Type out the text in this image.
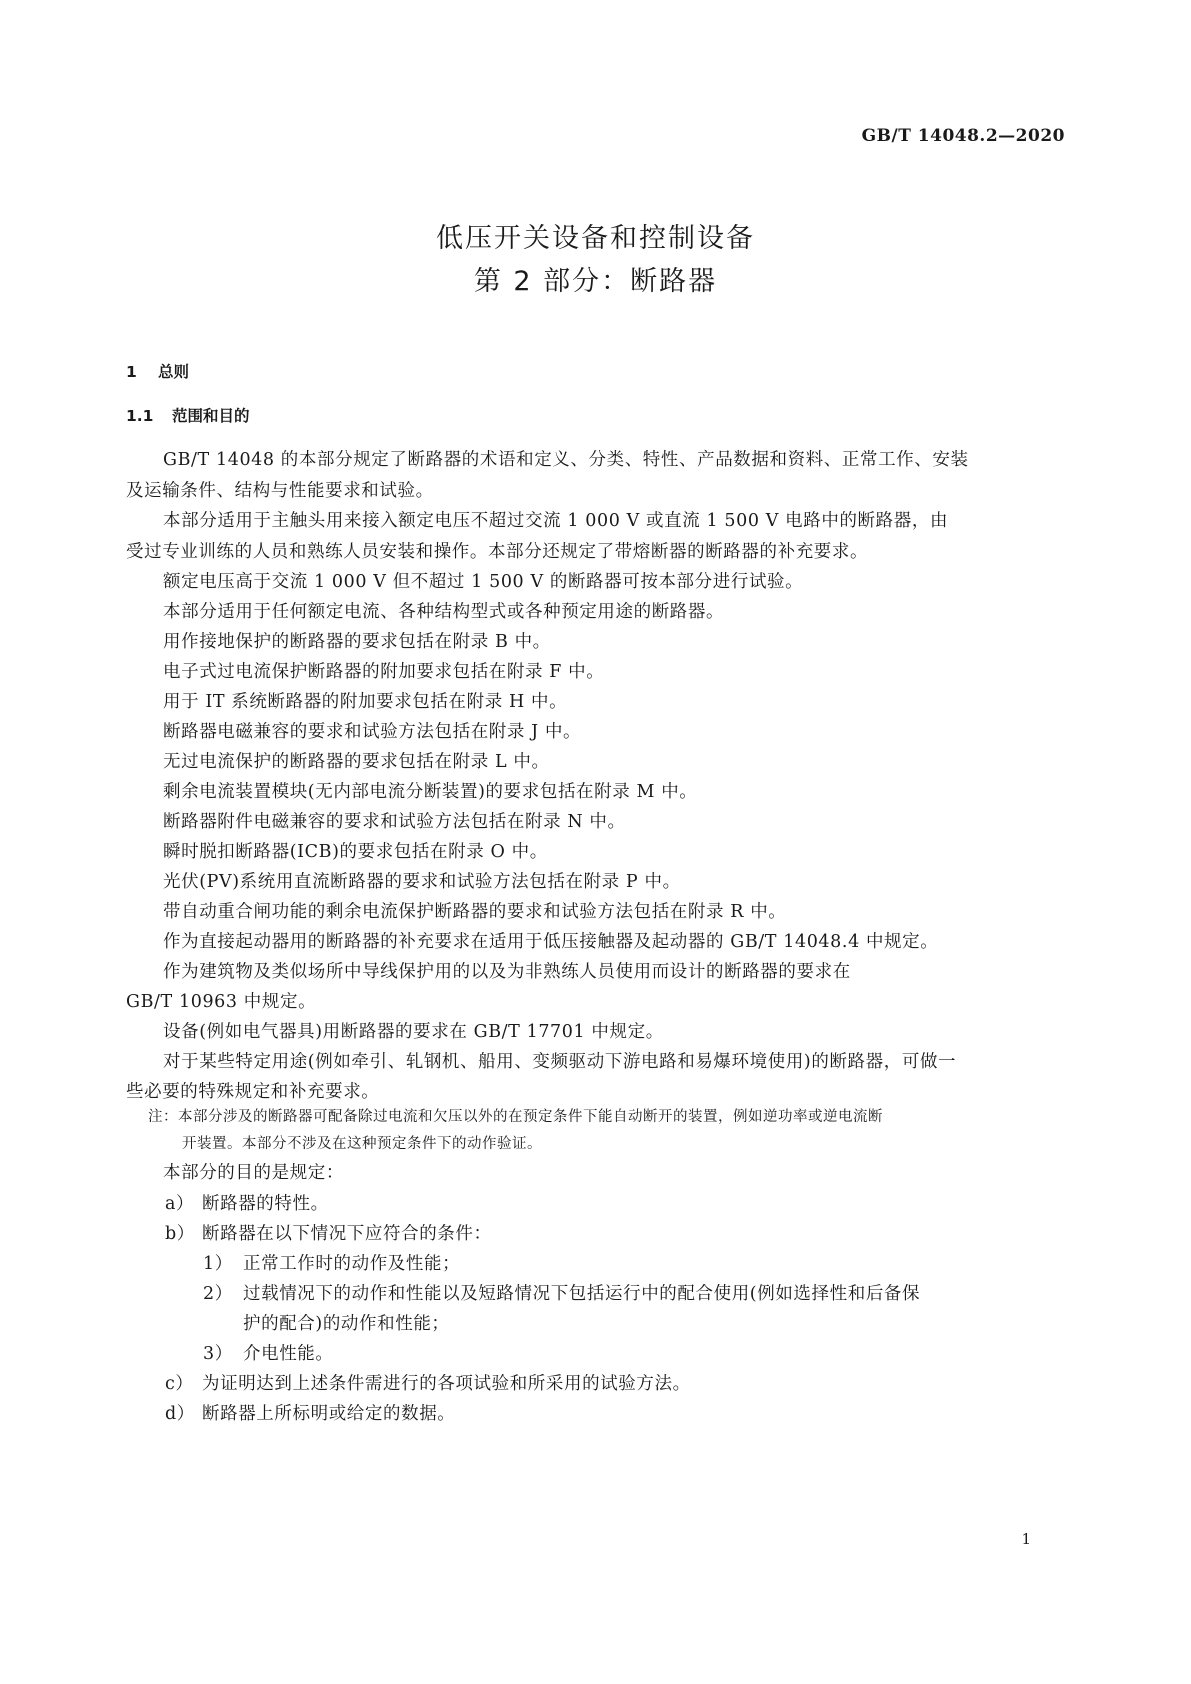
GB/T 14048.2—2020
低压开关设备和控制设备
第 2 部分：断路器
1 总则
1.1 范围和目的
GB/T 14048 的本部分规定了断路器的术语和定义、分类、特性、产品数据和资料、正常工作、安装
及运输条件、结构与性能要求和试验。
本部分适用于主触头用来接入额定电压不超过交流 1 000 V 或直流 1 500 V 电路中的断路器，由
受过专业训练的人员和熟练人员安装和操作。本部分还规定了带熔断器的断路器的补充要求。
额定电压高于交流 1 000 V 但不超过 1 500 V 的断路器可按本部分进行试验。
本部分适用于任何额定电流、各种结构型式或各种预定用途的断路器。
用作接地保护的断路器的要求包括在附录 B 中。
电子式过电流保护断路器的附加要求包括在附录 F 中。
用于 IT 系统断路器的附加要求包括在附录 H 中。
断路器电磁兼容的要求和试验方法包括在附录 J 中。
无过电流保护的断路器的要求包括在附录 L 中。
剩余电流装置模块(无内部电流分断装置)的要求包括在附录 M 中。
断路器附件电磁兼容的要求和试验方法包括在附录 N 中。
瞬时脱扣断路器(ICB)的要求包括在附录 O 中。
光伏(PV)系统用直流断路器的要求和试验方法包括在附录 P 中。
带自动重合闸功能的剩余电流保护断路器的要求和试验方法包括在附录 R 中。
作为直接起动器用的断路器的补充要求在适用于低压接触器及起动器的 GB/T 14048.4 中规定。
作为建筑物及类似场所中导线保护用的以及为非熟练人员使用而设计的断路器的要求在
GB/T 10963 中规定。
设备(例如电气器具)用断路器的要求在 GB/T 17701 中规定。
对于某些特定用途(例如牵引、轧钢机、船用、变频驱动下游电路和易爆环境使用)的断路器，可做一
些必要的特殊规定和补充要求。
注：本部分涉及的断路器可配备除过电流和欠压以外的在预定条件下能自动断开的装置，例如逆功率或逆电流断
开装置。本部分不涉及在这种预定条件下的动作验证。
本部分的目的是规定：
a） 断路器的特性。
b） 断路器在以下情况下应符合的条件：
1） 正常工作时的动作及性能；
2） 过载情况下的动作和性能以及短路情况下包括运行中的配合使用(例如选择性和后备保
护的配合)的动作和性能；
3） 介电性能。
c） 为证明达到上述条件需进行的各项试验和所采用的试验方法。
d） 断路器上所标明或给定的数据。
1
